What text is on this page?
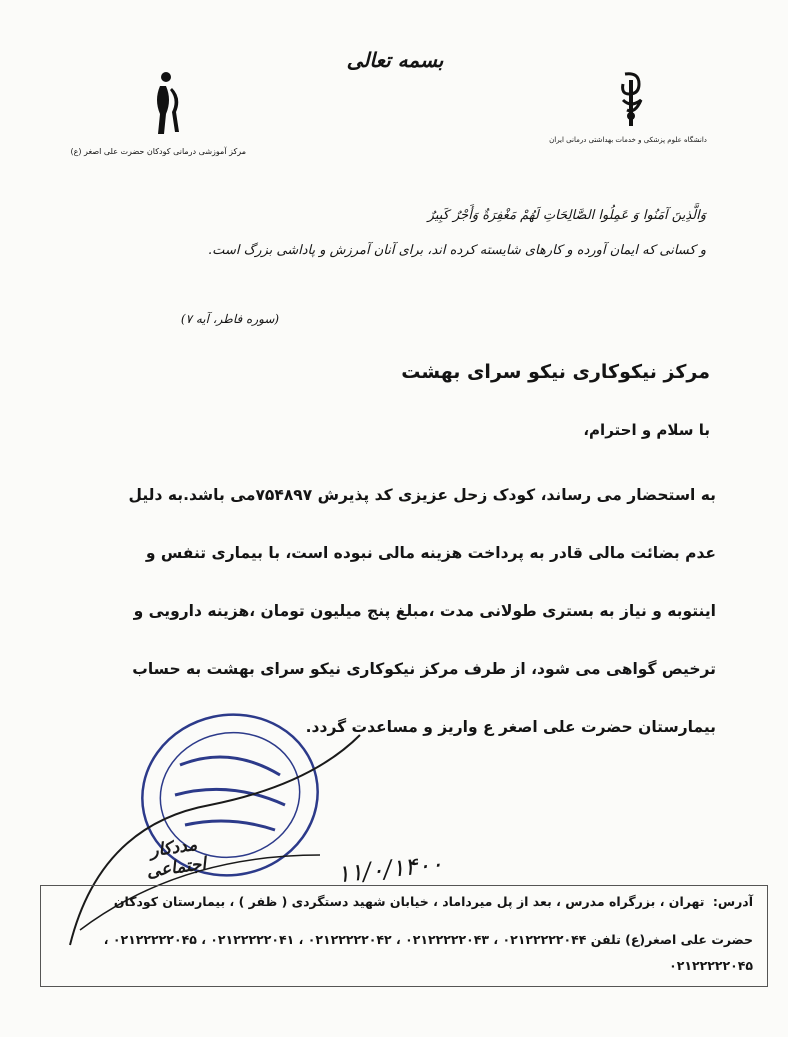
بسمه تعالی
مرکز آموزشی درمانی کودکان حضرت علی اصغر (ع)
دانشگاه علوم پزشکی و خدمات بهداشتی درمانی ایران
وَالَّذِينَ آمَنُوا وَ عَمِلُوا الصَّالِحَاتِ لَهُمْ مَغْفِرَةٌ وَأَجْرٌ كَبِيرٌ
و کسانی که ایمان آورده و کارهای شایسته کرده اند، برای آنان آمرزش و پاداشی بزرگ است.
(سوره فاطر، آیه ۷)
مرکز نیکوکاری نیکو سرای بهشت
با سلام و احترام،

به استحضار می رساند، کودک زحل عزیزی کد پذیرش ۷۵۴۸۹۷می باشد.به دلیل

عدم بضائت مالی قادر به پرداخت هزینه مالی نبوده است، با بیماری تنفس و

اینتوبه و نیاز به بستری طولانی مدت ،مبلغ پنج میلیون تومان ،هزینه دارویی و

ترخیص گواهی می شود، از طرف مرکز نیکوکاری نیکو سرای بهشت به حساب

بیمارستان حضرت علی اصغر ع واریز و مساعدت گردد.

مددکار اجتماعی	۱۱/۰/۱۴۰۰
آدرس: تهران ، بزرگراه مدرس ، بعد از پل میرداماد ، خیابان شهید دستگردی ( ظفر ) ، بیمارستان کودکان
حضرت علی اصغر(ع) تلفن ۰۲۱۲۲۲۲۲۰۴۴ ، ۰۲۱۲۲۲۲۲۰۴۳ ، ۰۲۱۲۲۲۲۲۰۴۲ ، ۰۲۱۲۲۲۲۲۰۴۱ ، ۰۲۱۲۲۲۲۲۰۴۵ ،
۰۲۱۲۲۲۲۲۰۴۵
